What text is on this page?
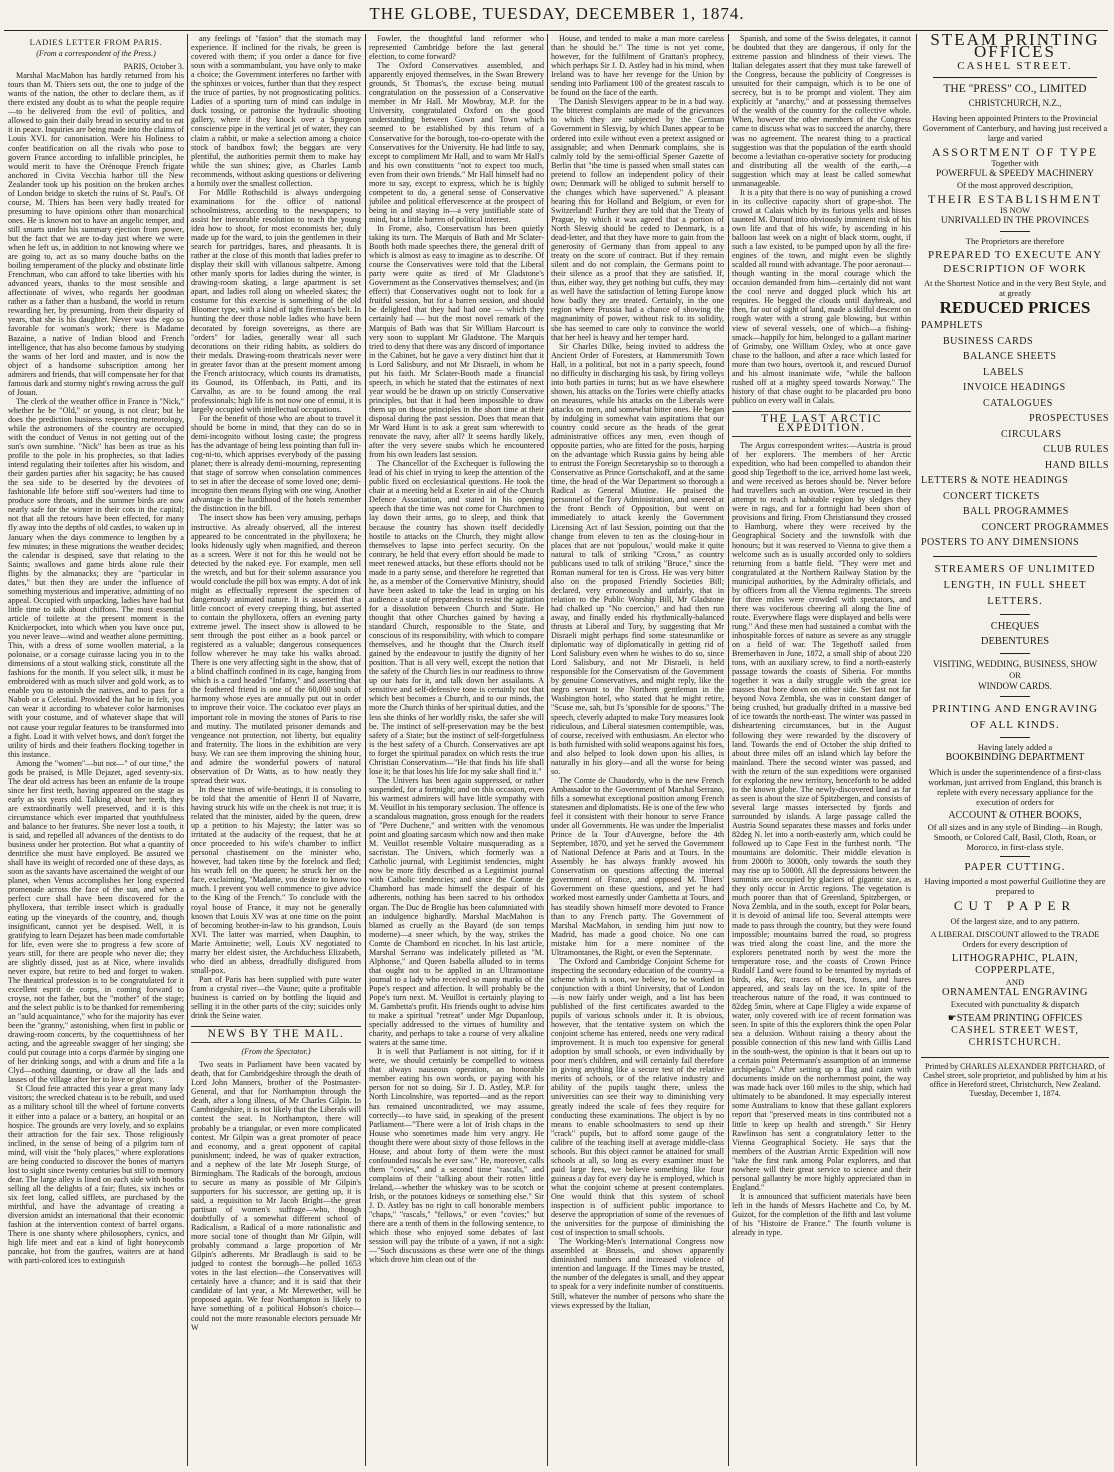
THE GLOBE, TUESDAY, DECEMBER 1, 1874.
LADIES LETTER FROM PARIS.
(From a correspondent of the Press.)

PARIS, October 3.

Marshal MacMahon has hardly returned from his tours than M. Thiers sets out, the one to judge of the wants of the nation, the other to declare them, as if there existed any doubt as to what the people require—to be delivered from the evil of politics, and allowed to gain their daily bread in security and to eat it in peace. Inquiries are being made into the claims of Louis XVI. for canonisation. Were his Holiness to confer beatification on all the rivals who pose to govern France according to infallible principles, he would merit to have the Orénoque French frigate anchored in Civita Vecchia harbor till the New Zealander took up his position on the broken arches of London bridge to sketch the ruins of St. Paul's. Of course, M. Thiers has been very badly treated for presuming to have opinions other than monarchical ones. He is known not to have an angelic temper, and still smarts under his summary ejection from power, but the fact that we are to-day just where we were when he left us, in addition to not knowing where we are going to, act as so many douche baths on the boiling temperament of the plucky and obstinate little Frenchman, who can afford to take liberties with his advanced years, thanks to the most sensible and affectionate of wives, who regards her goodman rather as a father than a husband, the world in return rewarding her, by presuming, from their disparity of years, that she is his daughter. Never was the ego so favorable for woman's work; there is Madame Bazaine, a native of Indian blood and French intelligence, that has also become famous by studying the wants of her lord and master, and is now the object of a handsome subscription among her admirers and friends, that will compensate her for that famous dark and stormy night's rowing across the gulf of Jouan.

The clerk of the weather office in France is "Nick," whether he be "Old," or young, is not clear; but he does the prediction business respecting meteorology, while the astronomers of the country are occupied with the conduct of Venus in not getting out of the sun's own sunshine. "Nick" has been as true as his profile to the pole in his prophecies, so that ladies intend regulating their toilettes after his wisdom, and their garden parties after his sagacity; he has caused the sea side to be deserted by the devotees of fashionable life before stiff sou'-westers had time to produce sore throats, and the summer birds are now nearly safe for the winter in their cots in the capital; not that all the retours have been effected, for many fly away into the depths of old castles, to waken up in January when the days commence to lengthen by a few minutes; in these migrations the weather decides; the calendar is despised, save that relating to the Saints; swallows and game birds alone rule their flights by the almanacks; they are "particular in dates," but then they are under the influence of something mysterious and imperative, admitting of no appeal. Occupied with unpacking, ladies have had but little time to talk about chiffons. The most essential article of toilette at the present moment is the Knickerpocket, into which when you have once put, you never leave—wind and weather alone permitting. This, with a dress of some woollen material, a la polonaise, or a corsage cuirasse lacing you in to the dimensions of a stout walking stick, constitute all the fashions for the month. If you select silk, it must be embroidered with as much silver and gold work, as to enable you to astonish the natives, and to pass for a Nabob or a Celestial. Provided the hat be in felt, you can wear it according to whatever color harmonises with your costume, and of whatever shape that will not cause your regular features to be transformed into a fight. Load it with velvet bows, and don't forget the utility of birds and their feathers flocking together in this instance.

Among the "women"—but not—" of our time," the gods be praised, is Mlle Dejazet, aged seventy-six. The dear old actress has been an enfante de la troupe since her first teeth, having appeared on the stage as early as six years old. Talking about her teeth, they are extraordinarily well preserved, and it is this circumstance which ever imparted that youthfulness and balance to her features. She never lost a tooth, it is said, and repelled all advances of the dentists to do business under her protection. But what a quantity of dentrifice she must have employed. Be assured we shall have its weight of recorded one of these days, as soon as the savants have ascertained the weight of our planet, when Venus accomplishes her long expected promenade across the face of the sun, and when a perfect cure shall have been discovered for the phylloxera, that terrible insect which is gradually eating up the vineyards of the country, and, though insignificant, cannot yet be despised. Well, it is gratifying to learn Dejazet has been made comfortable for life, even were she to progress a few score of years still, for there are people who never die; they are slightly dissed, just as at Nice, where invalids never expire, but retire to bed and forget to waken. The theatrical profession is to be congratulated for it excellent esprit de corps, in coming forward to croyse, not the father, but the "mother" of the stage; and the select public is to be thanked for remembering an "auld acquaintance," who for the majority has ever been the "granny," astonishing, when first in public or drawing-room concerts, by the coquettishness of her acting, and the agreeable swagger of her singing; she could put courage into a corps d'armée by singing one of her drinking songs, and with a drum and fife a la Clyd—nothing daunting, or draw all the lads and lasses of the village after her to love or glory.

St Cloud fete attracted this year a great many lady visitors; the wrecked chateau is to be rebuilt, and used as a military school till the wheel of fortune converts it either into a palace or a battery, an hospital or an hospice. The grounds are very lovely, and so explains their attraction for the fair sex. Those religiously inclined, in the sense of being of a pilgrim turn of mind, will visit the "holy places," where explorations are being conducted to discover the bones of martyrs lost to sight since twenty centuries but still to memory dear. The large alley is lined on each side with booths selling all the delights of a fair; flutes, six inches or six feet long, called sifflets, are purchased by the mirthful, and have the advantage of creating a diversion amidst an international that their economic fashion at the intervention context of barrel organs. There is one shanty where philosophers, cynics, and high life meet and eat a kind of light honeycomb pancake, hot from the gaufres, waiters are at hand with parti-colored ices to extinguish

any feelings of "fasion" that the stomach may experience. If inclined for the rivals, be green is covered with them; if you order a dance for five sous with a sommambulant, you have only to make a choice; the Government interferes no farther with the sphinxes or voices, further than that they respect the truce of parties, by not prognosticating politics. Ladies of a sporting turn of mind can indulge in duck tossing, or patronise the hydraulic shooting gallery, where if they knock over a Spurgeon conscience pipe in the vertical jet of water, they can claim a rabbit, or make a selection among a choice stock of bandbox fowl; the beggars are very plentiful, the authorities permit them to make hay while the sun shines; give, as Charles Lamb recommends, without asking questions or delivering a homily over the smallest collection.

For Mdlle Rothschild is always undergoing examinations for the office of national schoolmistress, according to the newspapers; to assist her inexorable resolution to teach the young idea how to shoot, for most economists her, duly made up for the ward, to join the gentlemen in their search for partridges, hares, and pheasants. It is rather at the close of this month that ladies prefer to display their skill with villanous saltpetre. Among other manly sports for ladies during the winter, is drawing-room skating, a large apartment is set apart, and ladies roll along on wheeled skates; the costume for this exercise is something of the old Bloomer type, with a kind of tight fireman's belt. In hunting the deer those noble ladies who have been decorated by foreign sovereigns, as there are "orders" for ladies, generally wear all such decorations on their riding habits, as soldiers do their medals. Drawing-room theatricals never were in greater favor than at the present moment among the French aristocracy, which counts its dramatists, its Gounod, its Offenbach, its Patti, and its Carvalho, as are to be found among the real professionals; high life is not now one of ennui, it is largely occupied with intellectual occupations.

For the benefit of those who are about to travel it should be borne in mind, that they can do so in demi-incognito without losing caste; the progress has the advantage of being less pointing than full in-cog-ni-to, which apprises everybody of the passing planet; there is already demi-mourning, representing that stage of sorrow when consolation commences to set in after the decease of some loved one; demi-incognito then means flying with one wing. Another advantage is the hardihood of the hotels remember the distinction in the bill.

The insect show has been very amusing, perhaps instructive. As already observed, all the interest appeared to be concentrated in the phylloxera; he looks hideously ugly when magnified, and thereon as a screen. Were it not for this he would not be detected by the naked eye. For example, men sell the wretch, and but for their solemn assurance you would conclude the pill box was empty. A dot of ink might as effectually represent the specimen of dangerously animated nature. It is asserted that a little concoct of every creeping thing, but asserted to contain the phylloxera, offers an evening party extreme jewel. The insect show is allowed to be sent through the post either as a book parcel or registered as a valuable; dangerous consequences follow wherever he may take his walks abroad. There is one very affecting sight in the show, that of a blind chaffinch confined in its cage, hanging from which is a card headed "Infamy," and asserting that the feathered friend is one of the 60,000 souls of harmony whose eyes are annually put out in order to improve their voice. The cockatoo ever plays an important role in moving the stones of Paris to rise and mutiny. The mutilated prisoner demands and vengeance not protection, not liberty, but equality and fraternity. The lions in the exhibition are very busy. We can see them improving the shining hour, and admire the wonderful powers of natural observation of Dr Watts, as to how neatly they spread their wax.

In these times of wife-beatings, it is consoling to be told that the amenitie of Henri II of Navarre, having struck his wife on the cheek is not true; it is related that the minister, aided by the queen, drew up a petition to his Majesty; the latter was so irritated at the audacity of the request, that he at once proceeded to his wife's chamber to inflict personal chastisement on the minister who, however, had taken time by the forelock and fled; his wrath fell on the queen; he struck her on the face, exclaiming, "Madame, you desire to know too much. I prevent you well commence to give advice to the King of the French." To conclude with the royal house of France, it may not be generally known that Louis XV was at one time on the point of becoming brother-in-law to his grandson, Louis XVI. The latter was married, when Dauphin, to Marie Antoinette; well, Louis XV negotiated to marry her eldest sister, the Archduchess Elizabeth, who died an abbess, dreadfully disfigured from small-pox.

Part of Paris has been supplied with pure water from a crystal river—the Vaune; quite a profitable business is carried on by bottling the liquid and selling it in the other parts of the city; suicides only drink the Seine water.

NEWS BY THE MAIL.
(From the Spectator.)

Two seats in Parliament have been vacated by death, that for Cambridgeshire through the death of Lord John Manners, brother of the Postmaster-General, and that for Northampton through the death, after a long illness, of Mr Charles Gilpin. In Cambridgeshire, it is not likely that the Liberals will contest the seat. In Northampton, there will probably be a triangular, or even more complicated contest. Mr Gilpin was a great promoter of peace and economy, and a great opponent of capital punishment; indeed, he was of quaker extraction, and a nephew of the late Mr Joseph Sturge, of Birmingham. The Radicals of the borough, anxious to secure as many as possible of Mr Gilpin's supporters for his successor, are getting up, it is said, a requisition to Mr Jacob Bright—the great partisan of women's suffrage—who, though doubtfully of a somewhat different school of Radicalism, a Radical of a more rationalistic and more social tone of thought than Mr Gilpin, will probably command a large proportion of Mr Gilpin's adherents. Mr Bradlaugh is said to be judged to contest the borough—he polled 1653 votes in the last election—the Conservatives will certainly have a chance; and it is said that their candidate of last year, a Mr Merewether, will be proposed again. We fear Northampton is likely to have something of a political Hobson's choice—could not the more reasonable electors persuade Mr W

Fowler, the thoughtful land reformer who represented Cambridge before the last general election, to come forward?

The Oxford Conservatives assembled, and apparently enjoyed themselves, in the Swan Brewery grounds, St Thomas's, the excuse being mutual congratulation on the possession of a Conservative member in Mr Hall. Mr Mowbray, M.P. for the University, congratulated Oxford on the good understanding between Gown and Town which seemed to be established by this return of a Conservative for the borough, too-co-operate with the Conservatives for the University. He had little to say, except to compliment Mr Hall, and to warn Mr Hall's and his own constituents "not to expect too much, even from their own friends." Mr Hall himself had no more to say, except to express, which he is highly competent to do, a general sense of Conservative jubilee and political effervescence at the prospect of being in and staying in—a very justifiable state of mind, but a little barren of political interest.

In Frome, also, Conservatism has been quietly taking its turn. The Marquis of Bath and Mr Sclater-Booth both made speeches there, the general drift of which is almost as easy to imagine as to describe. Of course the Conservatives were told that the Liberal party were quite as tired of Mr Gladstone's Government as the Conservatives themselves; and (in effect) that Conservatives ought not to look for a fruitful session, but for a barren session, and should be delighted that they had had one — which they certainly had — but the most novel remark of the Marquis of Bath was that Sir William Harcourt is very soon to supplant Mr Gladstone. The Marquis tried to deny that there was any discord of importance in the Cabinet, but he gave a very distinct hint that it is Lord Salisbury, and not Mr Disraeli, in whom he put his faith. Mr Sclater-Booth made a financial speech, in which he stated that the estimates of next year would be be drawn up on strictly Conservative principles, but that it had been impossible to draw them up on those principles in the short time at their disposal during the past session. Does that mean that Mr Ward Hunt is to ask a great sum wherewith to renovate the navy, after all? It seems hardly likely, after the very severe snubs which he encountered from his own leaders last session.

The Chancellor of the Exchequer is following the lead of his chief in trying to keep the attention of the public fixed on ecclesiastical questions. He took the chair at a meeting held at Exeter in aid of the Church Defence Association, and stated in his opening speech that the time was not come for Churchmen to lay down their arms, go to sleep, and think that because the country has shown itself decidedly hostile to attacks on the Church, they might allow themselves to lapse into perfect security. On the contrary, he held that every effort should be made to meet renewed attacks, but these efforts should not be made in a party sense, and therefore he regretted that he, as a member of the Conservative Ministry, should have been asked to take the lead in urging on his audience a state of preparedness to resist the agitation for a dissolution between Church and State. He thought that other Churches gained by having a standard Church, responsible to the State, and conscious of its responsibility, with which to compare themselves, and he thought that the Church itself gained by the endeavour to justify the dignity of her position. That is all very well, except the notion that the safety of the Church lies in our readiness to throw up our hats for it, and talk down her assailants. A sensitive and self-defensive tone is certainly not that which best becomes a Church, and to our minds, the more the Church thinks of her spiritual duties, and the less she thinks of her worldly risks, the safer she will be. The instinct of self-preservation may be the best safety of a State; but the instinct of self-forgetfulness is the best safety of a Church. Conservatives are apt to forget the spiritual paradox on which rests the true Christian Conservatism—"He that finds his life shall lose it; he that loses his life for my sake shall find it."

The Univers has been again suppressed, or rather suspended, for a fortnight; and on this occasion, even his warmest admirers will have little sympathy with M. Veuillot in his temporary seclusion. The offence is a scandalous magnation, gross enough for the readers of "Pere Duchene," and written with the venomous point and gloating sarcasm which now and then make M. Veuillot resemble Voltaire masquerading as a sacristan. The Univers, which formerly was a Catholic journal, with Legitimist tendencies, might now be more fitly described as a Legitimist journal with Catholic tendencies; and since the Comte de Chambord has made himself the despair of his adherents, nothing has been sacred to his orthodox organ. The Duc de Broglie has been calumniated with an indulgence bighardly. Marshal MacMahon is blamed as cruelly as the Bayard (de son temps moderne)—a sneer which, by the way, strikes the Comte de Chambord en ricochet. In his last article, Marshal Serrano was indelicately pilleted as "M. Alphonse," and Queen Isabella alluded to in terms that ought not to be applied in an Ultramontane journal to a lady who received so many marks of the Pope's respect and affection. It will probably be the Pope's turn next. M. Veuillot is certainly playing to M. Gambetta's profit. His friends ought to advise him to make a spiritual "retreat" under Mgr Dupanloup, specially addressed to the virtues of humility and charity, and perhaps to take a course of very alkaline waters at the same time.

It is well that Parliament is not sitting, for if it were, we should certainly be compelled to witness that always nauseous operation, an honorable member eating his own words, or paying with his person for not so doing. Sir J. D. Astley, M.P. for North Lincolnshire, was reported—and as the report has remained uncontradicted, we may assume, correctly—to have said, in speaking of the present Parliament—"There were a lot of Irish chaps in the House who sometimes made him very angry. He thought there were about sixty of those fellows in the House, and about forty of them were the most confounded rascals he ever saw." He, moreover, calls them "covies," and a second time "rascals," and complains of their "talking about their rotten little Ireland,—whether the whiskey was to be scotch or Irish, or the potatoes kidneys or something else." Sir J. D. Astley has no right to call honorable members "chaps," "rascals," "fellows," or even "covies;" but there are a tenth of them in the following sentence, to which those who enjoyed some debates of last session will pay the tribute of a yawn, if not a sigh:—"Such discussions as these were one of the things which drove him clean out of the

House, and tended to make a man more careless than he should be." The time is not yet come, however, for the fulfilment of Grattan's prophecy, which perhaps Sir J. D. Astley had in his mind, when Ireland was to have her revenge for the Union by sending into Parliament 100 of the greatest rascals to be found on the face of the earth.

The Danish Slesvigers appear to be in a bad way. The bitterest complaints are made of the grievances to which they are subjected by the German Government in Slesvig, by which Danes appear to be ordered into exile without even a pretext assigned or assignable; and when Denmark complains, she is calmly told by the semi-official Spener Gazette of Berlin that "the time is passed when small states can pretend to follow an independent policy of their own; Denmark will be obliged to submit herself to the changes which have supervened." A pleasant hearing this for Holland and Belgium, or even for Switzerland! Further they are told that the Treaty of Prague, by which it was agreed that a portion of North Slesvig should be ceded to Denmark, is a dead-letter, and that they have more to gain from the generosity of Germany than from appeal to any treaty on the score of contract. But if they remain silent and do not complain, the Germans point to their silence as a proof that they are satisfied. If, thus, either way, they get nothing but cuffs, they may as well have the satisfaction of letting Europe know how badly they are treated. Certainly, in the one region where Prussia had a chance of showing the magnanimity of power, without risk to its solidity, she has seemed to care only to convince the world that her heel is heavy and her temper hard.

Sir Charles Dilke, being invited to address the Ancient Order of Foresters, at Hammersmith Town Hall, in a political, but not in a party speech, found no difficulty in discharging his task, by firing volleys into both parties in turns; but as we have elsewhere shown, his attacks on the Tories were chiefly attacks on measures, while his attacks on the Liberals were attacks on men, and somewhat bitter ones. He began by indulging in somewhat vain aspirations that our country could secure as the heads of the great administrative offices any men, even though of opposite parties, who are fitted for the posts, harping on the advantage which Russia gains by being able to entrust the Foreign Secretaryship so to thorough a Conservative as Prince Gortschakoff, and at the same time, the head of the War Department so thorough a Radical as General Miutine. He praised the personnel of the Tory Administration, and sneered at the front Bench of Opposition, but went on immediately to attack keenly the Government Licensing Act of last Session, pointing out that the change from eleven to ten as the closing-hour in places that are not 'populous,' would make it quite natural to talk of striking "Cross," as country publicans used to talk of striking "Bruce," since the Roman numeral for ten is Cross. He was very bitter also on the proposed Friendly Societies Bill; declared, very erroneously and unfairly, that in relation to the Public Worship Bill, Mr Gladstone had chalked up "No coercion," and had then run away, and finally ended his rhythmically-balanced thrusts at Liberal and Tory, by suggesting that Mr Disraeli might perhaps find some statesmanlike or diplomatic way of diplomatically in getting rid of Lord Salisbury even when he wishes to do so, since Lord Salisbury, and not Mr Disraeli, is held responsible for the Conservatism of the Government by genuine Conservatives, and might reply, like the negro servant to the Northern gentleman in the Washington hotel, who stated that he might retire, "Scuse me, sah, but I's 'sponsible for de spoons." The speech, cleverly adapted to make Tory measures look ridiculous, and Liberal statesmen contemptible, was, of course, received with enthusiasm. An elector who is both furnished with solid weapons against his foes, and also helped to look down upon his allies, is naturally in his glory—and all the worse for being so.

The Comte de Chaudordy, who is the new French Ambassador to the Government of Marshal Serrano, fills a somewhat exceptional position among French statesmen and diplomatists. He is one of the few who feel it consistent with their honour to serve France under all Governments. He was under the Imperialist Prince de la Tour d'Auvergne, before the 4th September, 1870, and yet he served the Government of National Defence at Paris and at Tours. In the Assembly he has always frankly avowed his Conservatism on questions affecting the internal government of France, and opposed M. Thiers' Government on these questions, and yet he had worked most earnestly under Gambetta at Tours, and has steadily shown himself more devoted to France than to any French party. The Government of Marshal MacMahon, in sending him just now to Madrid, has made a good choice. No one can mistake him for a mere nominee of the Ultramontanes, the Right, or even the Septennate.

The Oxford and Cambridge Conjoint Scheme for inspecting the secondary education of the country—a scheme which is soon, we believe, to be worked in conjunction with a third University, that of London—is now fairly under weigh, and a list has been published of the first certificates awarded to the pupils of various schools under it. It is obvious, however, that the tentative system on which the conjoint scheme has entered, needs one very radical improvement. It is much too expensive for general adoption by small schools, or even individually by poor men's children, and will certainly fail therefore in giving anything like a secure test of the relative merits of schools, or of the relative industry and ability of the pupils taught there, unless the universities can see their way to diminishing very greatly indeed the scale of fees they require for conducting these examinations. The object is by no means to enable schoolmasters to send up their "crack" pupils, but to afford some gauge of the calibre of the teaching itself at average middle-class schools. But this object cannot be attained for small schools at all, so long as every examiner must be paid large fees, we believe something like four guineas a day for every day he is employed, which is what the conjoint scheme at present contemplates. One would think that this system of school inspection is of sufficient public importance to deserve the appropriation of some of the revenues of the universities for the purpose of diminishing the cost of inspection to small schools.

The Working-Men's International Congress now assembled at Brussels, and shows apparently diminished numbers and increased violence of intention and language. If the Times may be trusted, the number of the delegates is small, and they appear to speak for a very indefinite number of constituents. Still, whatever the number of persons who share the views expressed by the Italian,

Spanish, and some of the Swiss delegates, it cannot be doubted that they are dangerous, if only for the extreme passion and blindness of their views. The Italian delegates assert that they must take farewell of the Congress, because the publicity of Congresses is unsuited for their campaign, which is to be one of secrecy, but is to be prompt and violent. They aim explicitly at "anarchy," and at possessing themselves of the wealth of the country for the collective whole. When, however the other members of the Congress came to discuss what was to succeed the anarchy, there was no agreement. The nearest thing to a practical suggestion was that the population of the earth should become a leviathan co-operative society for producing and distributing all the wealth of the earth,—a suggestion which may at least be called somewhat unmanageable.

It is a pity that there is no way of punishing a crowd in its collective capacity short of grape-shot. The crowd at Calais which by its furious yells and hisses taunted M. Duruof into obviously imminent risk of his own life and that of his wife, by ascending in his balloon last week on a night of black storm, ought, if such a law existed, to be pumped upon by all the fire-engines of the town, and might even be slightly scalded all round with advantage. The poor aeronaut—though wanting in the moral courage which the occasion demanded from him—certainly did not want the cool nerve and dogged pluck which his art requires. He begged the clouds until daybreak, and then, far out of sight of land, made a skilful descent on rough water with a strong gale blowing, but within view of several vessels, one of which—a fishing-smack—happily for him, belonged to a gallant mariner of Grimsby, one William Oxley, who at once gave chase to the balloon, and after a race which lasted for more than two hours, overtook it, and rescued Duruof and his almost inanimate wife, "while the balloon rushed off at a mighty speed towards Norway." The history of that chase ought to be placarded pro bono publico on every wall in Calais.

THE LAST ARCTIC EXPEDITION.

The Argus correspondent writes:—Austria is proud of her explorers. The members of her Arctic expedition, who had been compelled to abandon their good ship Tegethoff to the ice, arrived home last week, and were received as heroes should be. Never before had travellers such an ovation. Were rescued in their attempt to reach a habitable region by sledges they were in rags, and for a fortnight had been short of provisions and firing. From Christiansund they crossed to Hamburg, where they were received by the Geographical Society and the townsfolk with due honours; but it was reserved to Vienna to give them a welcome such as is usually accorded only to soldiers returning from a battle field. "They were met and congratulated at the Northern Railway Station by the municipal authorities, by the Admiralty officials, and by officers from all the Vienna regiments. The streets for three miles were crowded with spectators, and there was vociferous cheering all along the line of route. Everywhere flags were displayed and bells were rung." And these men had sustained a combat with the inhospitable forces of nature as severe as any struggle on a field of war. The Tegethoff sailed from Bremerhaven in June, 1872, a small ship of about 220 tons, with an auxiliary screw, to find a north-easterly passage towards the coasts of Siberia. For months together it was a daily struggle with the great ice masses that bore down on either side. Set fast not far beyond Nova Zembla, she was in constant danger of being crushed, but gradually drifted in a massive bed of ice towards the north-east. The winter was passed in disheartening circumstances, but in the August following they were rewarded by the discovery of land. Towards the end of October the ship drifted to about three miles off an island which lay before the mainland. There the second winter was passed, and with the return of the sun expeditions were organised for exploring the new territory, henceforth to be added to the known globe. The newly-discovered land as far as seen is about the size of Spitzbergen, and consists of several large masses intersected by fjords and surrounded by islands. A large passage called the Austria Sound separates these masses and forks under 82deg N. let into a north-easterly arm, which could be followed up to Cape Fest in the furthest north. "The mountains are dolomitic. Their middle elevation is from 2000ft to 3000ft, only towards the south they may rise up to 5000ft. All the depressions between the summits are occupied by glaciers of gigantic size, as they only occur in Arctic regions. The vegetation is much poorer than that of Greenland, Spitzbergen, or Nova Zembla, and in the south, except for Polar bears, it is devoid of animal life too. Several attempts were made to pass through the country, but they were found impossible; mountains barred the road, so progress was tried along the coast line, and the more the explorers penetrated north by west the more the temperature rose, and the coasts of Crown Prince Rudolf Land were found to be tenanted by myriads of birds, eks, &c; traces of bears, foxes, and hares appeared, and seals lay on the ice. In spite of the treacherous nature of the road, it was continued to 82deg 5min, where at Cape Fligley a wide expanse of water, only covered with ice of recent formation was seen. In spite of this the explorers think the open Polar sea a delusion. Without raising a theory about the possible connection of this new land with Gillis Land in the south-west, the opinion is that it bears out up to a certain point Petermann's assumption of an immense archipelago." After setting up a flag and cairn with documents inside on the northernmost point, the way was made back over 160 miles to the ship, which had ultimately to be abandoned. It may especially interest some Australians to know that these gallant explorers report that "preserved meats in tins contributed not a little to keep up health and strength." Sir Henry Rawlinson has sent a congratulatory letter to the Vienna Geographical Society. He says that the members of the Austrian Arctic Expedition will now "take the first rank among Polar explorers, and that nowhere will their great service to science and their personal gallantry be more highly appreciated than in England."

It is announced that sufficient materials have been left in the hands of Messrs Hachette and Co, by M. Guizot, for the completion of the fifth and last volume of his "Histoire de France." The fourth volume is already in type.

STEAM PRINTING OFFICES
CASHEL STREET.
THE "PRESS" CO., LIMITED
CHRISTCHURCH, N.Z.,
Having been appointed Printers to the Provincial Government of Canterbury, and having just received a large and varied
ASSORTMENT OF TYPE
Together with
POWERFUL & SPEEDY MACHINERY
Of the most approved description,
THEIR ESTABLISHMENT
IS NOW
UNRIVALLED IN THE PROVINCES
The Proprietors are therefore
PREPARED TO EXECUTE ANY
DESCRIPTION OF WORK
At the Shortest Notice and in the very Best Style, and at greatly
REDUCED PRICES
PAMPHLETS
BUSINESS CARDS
BALANCE SHEETS
LABELS
INVOICE HEADINGS
CATALOGUES
PROSPECTUSES
CIRCULARS
CLUB RULES
HAND BILLS
LETTERS & NOTE HEADINGS
CONCERT TICKETS
BALL PROGRAMMES
CONCERT PROGRAMMES
POSTERS TO ANY DIMENSIONS
STREAMERS OF UNLIMITED
LENGTH, IN FULL SHEET
LETTERS.
CHEQUES
DEBENTURES
VISITING, WEDDING, BUSINESS, SHOW
OR
WINDOW CARDS.
PRINTING AND ENGRAVING
OF ALL KINDS.
Having lately added a
BOOKBINDING DEPARTMENT
Which is under the superintendence of a first-class workman, just arrived from England, this branch is replete with every necessary appliance for the execution of orders for
ACCOUNT & OTHER BOOKS,
Of all sizes and in any style of Binding—in Rough, Smooth, or Colored Calf, Basil, Cloth, Roan, or Morocco, in first-class style.
PAPER CUTTING.
Having imported a most powerful Guillotine they are prepared to
CUT PAPER
Of the largest size, and to any pattern.
A LIBERAL DISCOUNT allowed to the TRADE
Orders for every description of
LITHOGRAPHIC, PLAIN,
COPPERPLATE,
AND
ORNAMENTAL ENGRAVING
Executed with punctuality & dispatch
☛STEAM PRINTING OFFICES
CASHEL STREET WEST,
CHRISTCHURCH.
Printed by CHARLES ALEXANDER PRITCHARD, of Cashel street, sole proprietor, and published by him at his office in Hereford street, Christchurch, New Zealand. Tuesday, December 1, 1874.
